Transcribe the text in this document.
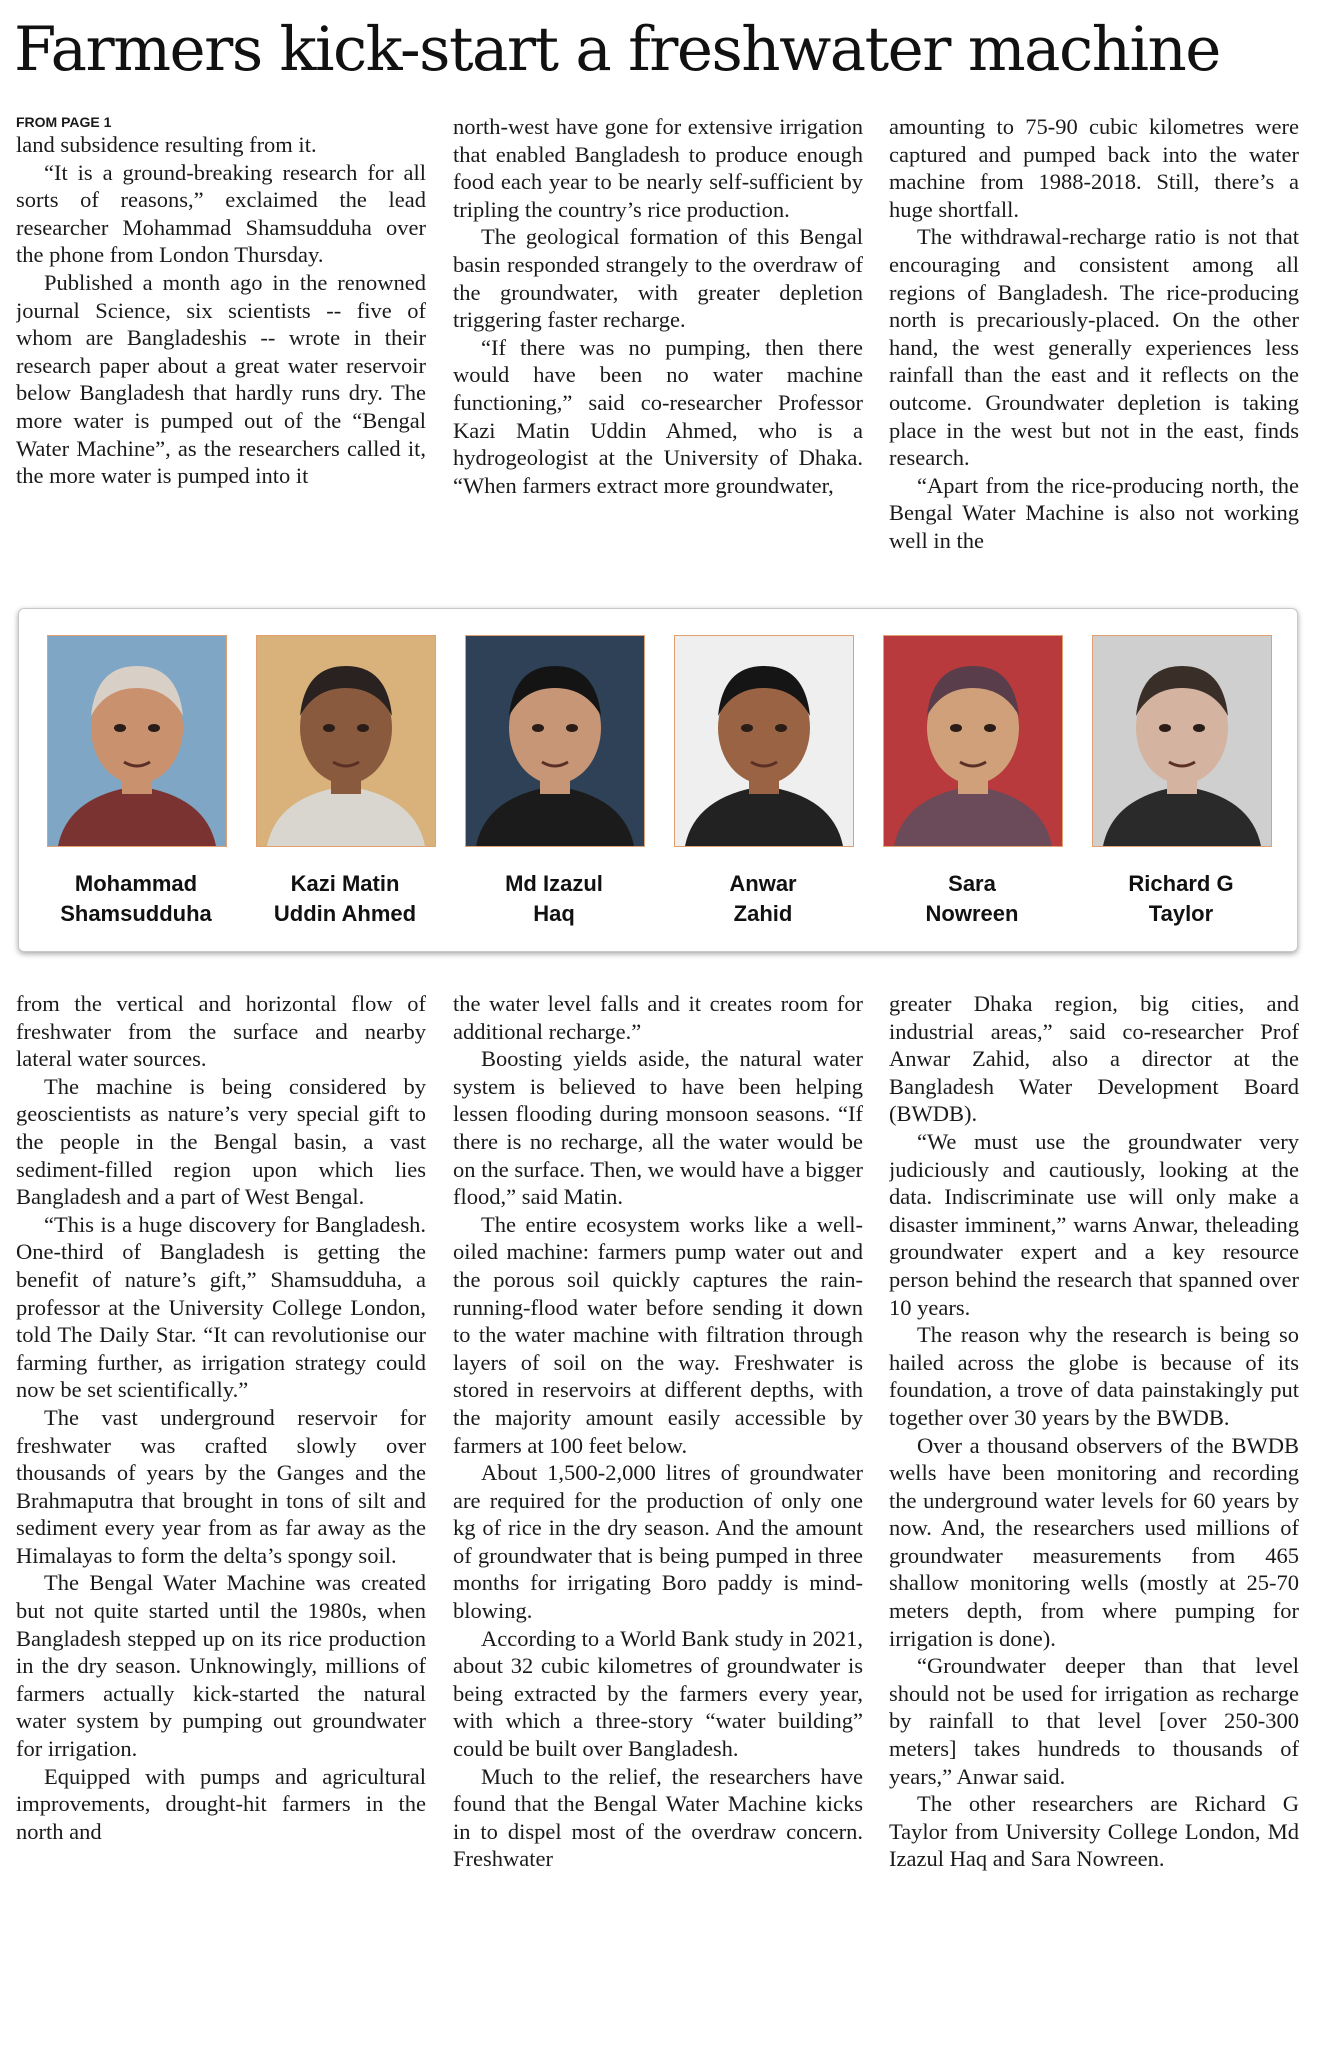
Farmers kick-start a freshwater machine

FROM PAGE 1

land subsidence resulting from it.

“It is a ground-breaking research for all sorts of reasons,” exclaimed the lead researcher Mohammad Shamsudduha over the phone from London Thursday.

Published a month ago in the renowned journal Science, six scientists -- five of whom are Bangladeshis -- wrote in their research paper about a great water reservoir below Bangladesh that hardly runs dry. The more water is pumped out of the “Bengal Water Machine”, as the researchers called it, the more water is pumped into it

north-west have gone for extensive irrigation that enabled Bangladesh to produce enough food each year to be nearly self-sufficient by tripling the country’s rice production.

The geological formation of this Bengal basin responded strangely to the overdraw of the groundwater, with greater depletion triggering faster recharge.

“If there was no pumping, then there would have been no water machine functioning,” said co-researcher Professor Kazi Matin Uddin Ahmed, who is a hydrogeologist at the University of Dhaka. “When farmers extract more groundwater,

amounting to 75-90 cubic kilometres were captured and pumped back into the water machine from 1988-2018. Still, there’s a huge shortfall.

The withdrawal-recharge ratio is not that encouraging and consistent among all regions of Bangladesh. The rice-producing north is precariously-placed. On the other hand, the west generally experiences less rainfall than the east and it reflects on the outcome. Groundwater depletion is taking place in the west but not in the east, finds research.

“Apart from the rice-producing north, the Bengal Water Machine is also not working well in the

Mohammad
Shamsudduha
Kazi Matin
Uddin Ahmed
Md Izazul
Haq
Anwar
Zahid
Sara
Nowreen
Richard G
Taylor

from the vertical and horizontal flow of freshwater from the surface and nearby lateral water sources.

The machine is being considered by geoscientists as nature’s very special gift to the people in the Bengal basin, a vast sediment-filled region upon which lies Bangladesh and a part of West Bengal.

“This is a huge discovery for Bangladesh. One-third of Bangladesh is getting the benefit of nature’s gift,” Shamsudduha, a professor at the University College London, told The Daily Star. “It can revolutionise our farming further, as irrigation strategy could now be set scientifically.”

The vast underground reservoir for freshwater was crafted slowly over thousands of years by the Ganges and the Brahmaputra that brought in tons of silt and sediment every year from as far away as the Himalayas to form the delta’s spongy soil.

The Bengal Water Machine was created but not quite started until the 1980s, when Bangladesh stepped up on its rice production in the dry season. Unknowingly, millions of farmers actually kick-started the natural water system by pumping out groundwater for irrigation.

Equipped with pumps and agricultural improvements, drought-hit farmers in the north and

the water level falls and it creates room for additional recharge.”

Boosting yields aside, the natural water system is believed to have been helping lessen flooding during monsoon seasons. “If there is no recharge, all the water would be on the surface. Then, we would have a bigger flood,” said Matin.

The entire ecosystem works like a well-oiled machine: farmers pump water out and the porous soil quickly captures the rain-running-flood water before sending it down to the water machine with filtration through layers of soil on the way. Freshwater is stored in reservoirs at different depths, with the majority amount easily accessible by farmers at 100 feet below.

About 1,500-2,000 litres of groundwater are required for the production of only one kg of rice in the dry season. And the amount of groundwater that is being pumped in three months for irrigating Boro paddy is mind-blowing.

According to a World Bank study in 2021, about 32 cubic kilometres of groundwater is being extracted by the farmers every year, with which a three-story “water building” could be built over Bangladesh.

Much to the relief, the researchers have found that the Bengal Water Machine kicks in to dispel most of the overdraw concern. Freshwater

greater Dhaka region, big cities, and industrial areas,” said co-researcher Prof Anwar Zahid, also a director at the Bangladesh Water Development Board (BWDB).

“We must use the groundwater very judiciously and cautiously, looking at the data. Indiscriminate use will only make a disaster imminent,” warns Anwar, theleading groundwater expert and a key resource person behind the research that spanned over 10 years.

The reason why the research is being so hailed across the globe is because of its foundation, a trove of data painstakingly put together over 30 years by the BWDB.

Over a thousand observers of the BWDB wells have been monitoring and recording the underground water levels for 60 years by now. And, the researchers used millions of groundwater measurements from 465 shallow monitoring wells (mostly at 25-70 meters depth, from where pumping for irrigation is done).

“Groundwater deeper than that level should not be used for irrigation as recharge by rainfall to that level [over 250-300 meters] takes hundreds to thousands of years,” Anwar said.

The other researchers are Richard G Taylor from University College London, Md Izazul Haq and Sara Nowreen.
